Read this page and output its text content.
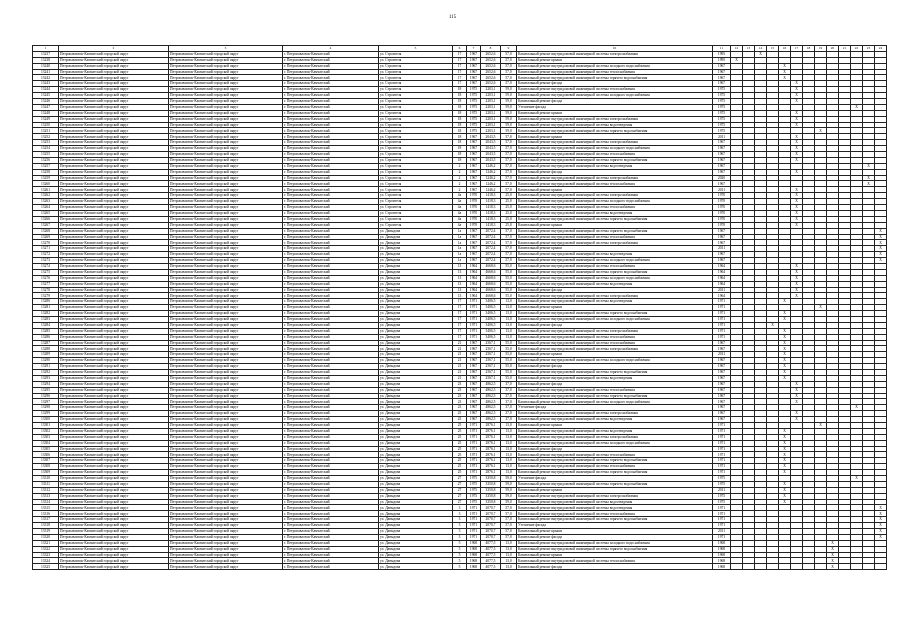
115
1	2	3	4	5	6	7	8	9	10	11	12	13	14	15	16	17	18	19	20	21	22	23	24
13237	Петропавловск-Камчатский городской округ	Петропавловск-Камчатский городской округ	г. Петропавловск-Камчатский	ул. Строителя	17	1967	2652,6	57,0	Капитальный ремонт внутридомовой инженерной системы электроснабжения	1995			X										
13238	Петропавловск-Камчатский городской округ	Петропавловск-Камчатский городской округ	г. Петропавловск-Камчатский	ул. Строителя	17	1967	2652,6	57,0	Капитальный ремонт крыши	1995	X												
13240	Петропавловск-Камчатский городской округ	Петропавловск-Камчатский городской округ	г. Петропавловск-Камчатский	ул. Строителя	17	1967	2652,6	57,0	Капитальный ремонт внутридомовой инженерной системы холодного водоснабжения	1967					X								
13241	Петропавловск-Камчатский городской округ	Петропавловск-Камчатский городской округ	г. Петропавловск-Камчатский	ул. Строителя	17	1967	2652,6	57,0	Капитальный ремонт внутридомовой инженерной системы теплоснабжения	1967					X								
13242	Петропавловск-Камчатский городской округ	Петропавловск-Камчатский городской округ	г. Петропавловск-Камчатский	ул. Строителя	17	1967	2652,6	57,0	Капитальный ремонт внутридомовой инженерной системы горячего водоснабжения	1967					X								
13243	Петропавловск-Камчатский городской округ	Петропавловск-Камчатский городской округ	г. Петропавловск-Камчатский	ул. Строителя	17	1967	2652,6	57,0	Капитальный ремонт фасада	1967						X							
13244	Петропавловск-Камчатский городской округ	Петропавловск-Камчатский городской округ	г. Петропавловск-Камчатский	ул. Строителя	18	1975	2203,1	59,0	Капитальный ремонт внутридомовой инженерной системы теплоснабжения	1975						X							
13245	Петропавловск-Камчатский городской округ	Петропавловск-Камчатский городской округ	г. Петропавловск-Камчатский	ул. Строителя	18	1975	2203,1	59,0	Капитальный ремонт внутридомовой инженерной системы холодного водоснабжения	1975						X							
13246	Петропавловск-Камчатский городской округ	Петропавловск-Камчатский городской округ	г. Петропавловск-Камчатский	ул. Строителя	18	1975	2203,1	59,0	Капитальный ремонт фасада	1975						X							
13247	Петропавловск-Камчатский городской округ	Петропавловск-Камчатский городской округ	г. Петропавловск-Камчатский	ул. Строителя	18	1975	2203,1	59,0	Утепление фасада	1975											X		
13248	Петропавловск-Камчатский городской округ	Петропавловск-Камчатский городской округ	г. Петропавловск-Камчатский	ул. Строителя	18	1975	2203,1	59,0	Капитальный ремонт крыши	1975						X							
13249	Петропавловск-Камчатский городской округ	Петропавловск-Камчатский городской округ	г. Петропавловск-Камчатский	ул. Строителя	18	1975	2203,1	59,0	Капитальный ремонт внутридомовой инженерной системы электроснабжения	1975						X							
13250	Петропавловск-Камчатский городской округ	Петропавловск-Камчатский городской округ	г. Петропавловск-Камчатский	ул. Строителя	18	1975	2203,1	59,0	Капитальный ремонт внутридомовой инженерной системы водоотведения	1975						X							
13251	Петропавловск-Камчатский городской округ	Петропавловск-Камчатский городской округ	г. Петропавловск-Камчатский	ул. Строителя	18	1975	2203,1	59,0	Капитальный ремонт внутридомовой инженерной системы горячего водоснабжения	1975								X					
13252	Петропавловск-Камчатский городской округ	Петропавловск-Камчатский городской округ	г. Петропавловск-Камчатский	ул. Строителя	18	1967	2043,5	57,0	Капитальный ремонт крыши	2011						X							
13253	Петропавловск-Камчатский городской округ	Петропавловск-Камчатский городской округ	г. Петропавловск-Камчатский	ул. Строителя	18	1967	2043,5	57,0	Капитальный ремонт внутридомовой инженерной системы электроснабжения	1967						X							
13254	Петропавловск-Камчатский городской округ	Петропавловск-Камчатский городской округ	г. Петропавловск-Камчатский	ул. Строителя	18	1967	2043,5	57,0	Капитальный ремонт внутридомовой инженерной системы холодного водоснабжения	1967						X							
13255	Петропавловск-Камчатский городской округ	Петропавловск-Камчатский городской округ	г. Петропавловск-Камчатский	ул. Строителя	18	1967	2043,5	57,0	Капитальный ремонт внутридомовой инженерной системы теплоснабжения	1967						X							
13256	Петропавловск-Камчатский городской округ	Петропавловск-Камчатский городской округ	г. Петропавловск-Камчатский	ул. Строителя	18	1967	2043,5	57,0	Капитальный ремонт внутридомовой инженерной системы горячего водоснабжения	1967						X							
13257	Петропавловск-Камчатский городской округ	Петропавловск-Камчатский городской округ	г. Петропавловск-Камчатский	ул. Строителя	2	1967	1246,2	57,0	Капитальный ремонт внутридомовой инженерной системы водоотведения	1967												X	
13258	Петропавловск-Камчатский городской округ	Петропавловск-Камчатский городской округ	г. Петропавловск-Камчатский	ул. Строителя	2	1967	1246,2	57,0	Капитальный ремонт фасада	1967						X							
13259	Петропавловск-Камчатский городской округ	Петропавловск-Камчатский городской округ	г. Петропавловск-Камчатский	ул. Строителя	2	1967	1246,2	57,0	Капитальный ремонт внутридомовой инженерной системы электроснабжения	2020												X	
13260	Петропавловск-Камчатский городской округ	Петропавловск-Камчатский городской округ	г. Петропавловск-Камчатский	ул. Строителя	2	1967	1246,2	57,0	Капитальный ремонт внутридомовой инженерной системы теплоснабжения	1967												X	
13261	Петропавловск-Камчатский городской округ	Петропавловск-Камчатский городской округ	г. Петропавловск-Камчатский	ул. Строителя	2	1967	1246,2	57,0	Капитальный ремонт крыши	2011						X							
13262	Петропавловск-Камчатский городской округ	Петропавловск-Камчатский городской округ	г. Петропавловск-Камчатский	ул. Строителя	4а	1970	1418,3	25,0	Капитальный ремонт внутридомовой инженерной системы электроснабжения	1970						X							
13263	Петропавловск-Камчатский городской округ	Петропавловск-Камчатский городской округ	г. Петропавловск-Камчатский	ул. Строителя	4а	1970	1418,3	25,0	Капитальный ремонт внутридомовой инженерной системы холодного водоснабжения	1970						X							
13264	Петропавловск-Камчатский городской округ	Петропавловск-Камчатский городской округ	г. Петропавловск-Камчатский	ул. Строителя	4а	1970	1418,3	25,0	Капитальный ремонт внутридомовой инженерной системы теплоснабжения	1970						X							
13265	Петропавловск-Камчатский городской округ	Петропавловск-Камчатский городской округ	г. Петропавловск-Камчатский	ул. Строителя	4а	1970	1418,3	25,0	Капитальный ремонт внутридомовой инженерной системы водоотведения	1970						X							
13266	Петропавловск-Камчатский городской округ	Петропавловск-Камчатский городской округ	г. Петропавловск-Камчатский	ул. Строителя	4а	1970	1418,3	25,0	Капитальный ремонт внутридомовой инженерной системы горячего водоснабжения	1970						X							
13267	Петропавловск-Камчатский городской округ	Петропавловск-Камчатский городской округ	г. Петропавловск-Камчатский	ул. Строителя	4а	1970	1418,3	25,0	Капитальный ремонт крыши	1970						X							
13268	Петропавловск-Камчатский городской округ	Петропавловск-Камчатский городской округ	г. Петропавловск-Камчатский	ул. Давыдова	1а	1967	2072,4	57,0	Капитальный ремонт внутридомовой инженерной системы горячего водоснабжения	1967													X
13269	Петропавловск-Камчатский городской округ	Петропавловск-Камчатский городской округ	г. Петропавловск-Камчатский	ул. Давыдова	1а	1967	2072,4	57,0	Капитальный ремонт внутридомовой инженерной системы теплоснабжения	1967													X
13270	Петропавловск-Камчатский городской округ	Петропавловск-Камчатский городской округ	г. Петропавловск-Камчатский	ул. Давыдова	1а	1967	2072,4	57,0	Капитальный ремонт внутридомовой инженерной системы электроснабжения	1967													X
13271	Петропавловск-Камчатский городской округ	Петропавловск-Камчатский городской округ	г. Петропавловск-Камчатский	ул. Давыдова	1а	1967	2072,4	57,0	Капитальный ремонт крыши	2011													X
13272	Петропавловск-Камчатский городской округ	Петропавловск-Камчатский городской округ	г. Петропавловск-Камчатский	ул. Давыдова	1а	1967	2072,4	57,0	Капитальный ремонт внутридомовой инженерной системы водоотведения	1967													X
13273	Петропавловск-Камчатский городской округ	Петропавловск-Камчатский городской округ	г. Петропавловск-Камчатский	ул. Давыдова	1а	1967	2072,4	57,0	Капитальный ремонт внутридомовой инженерной системы холодного водоснабжения	1967													X
13274	Петропавловск-Камчатский городской округ	Петропавловск-Камчатский городской округ	г. Петропавловск-Камчатский	ул. Давыдова	13	1964	4668,6	55,0	Капитальный ремонт внутридомовой инженерной системы теплоснабжения	1964						X							
13275	Петропавловск-Камчатский городской округ	Петропавловск-Камчатский городской округ	г. Петропавловск-Камчатский	ул. Давыдова	13	1964	4668,6	55,0	Капитальный ремонт внутридомовой инженерной системы горячего водоснабжения	1964						X							
13276	Петропавловск-Камчатский городской округ	Петропавловск-Камчатский городской округ	г. Петропавловск-Камчатский	ул. Давыдова	13	1964	4668,6	55,0	Капитальный ремонт внутридомовой инженерной системы холодного водоснабжения	1964						X							
13277	Петропавловск-Камчатский городской округ	Петропавловск-Камчатский городской округ	г. Петропавловск-Камчатский	ул. Давыдова	13	1964	4668,6	55,0	Капитальный ремонт внутридомовой инженерной системы водоотведения	1964						X							
13278	Петропавловск-Камчатский городской округ	Петропавловск-Камчатский городской округ	г. Петропавловск-Камчатский	ул. Давыдова	13	1964	4668,6	55,0	Капитальный ремонт фасада	2011						X							
13279	Петропавловск-Камчатский городской округ	Петропавловск-Камчатский городской округ	г. Петропавловск-Камчатский	ул. Давыдова	13	1964	4668,6	55,0	Капитальный ремонт внутридомовой инженерной системы электроснабжения	1964						X							
13280	Петропавловск-Камчатский городской округ	Петропавловск-Камчатский городской округ	г. Петропавловск-Камчатский	ул. Давыдова	17	1971	3406,5	13,0	Капитальный ремонт внутридомовой инженерной системы водоотведения	1971					X								
13281	Петропавловск-Камчатский городской округ	Петропавловск-Камчатский городской округ	г. Петропавловск-Камчатский	ул. Давыдова	17	1971	3406,5	13,0	Капитальный ремонт крыши	1971								X					
13282	Петропавловск-Камчатский городской округ	Петропавловск-Камчатский городской округ	г. Петропавловск-Камчатский	ул. Давыдова	17	1971	3406,5	13,0	Капитальный ремонт внутридомовой инженерной системы горячего водоснабжения	1971					X								
13283	Петропавловск-Камчатский городской округ	Петропавловск-Камчатский городской округ	г. Петропавловск-Камчатский	ул. Давыдова	17	1971	3406,5	13,0	Капитальный ремонт внутридомовой инженерной системы холодного водоснабжения	1971					X								
13284	Петропавловск-Камчатский городской округ	Петропавловск-Камчатский городской округ	г. Петропавловск-Камчатский	ул. Давыдова	17	1971	3406,5	13,0	Капитальный ремонт фасада	1971				X									
13285	Петропавловск-Камчатский городской округ	Петропавловск-Камчатский городской округ	г. Петропавловск-Камчатский	ул. Давыдова	17	1971	3406,5	13,0	Капитальный ремонт внутридомовой инженерной системы электроснабжения	1971					X								
13286	Петропавловск-Камчатский городской округ	Петропавловск-Камчатский городской округ	г. Петропавловск-Камчатский	ул. Давыдова	17	1971	3406,5	13,0	Капитальный ремонт внутридомовой инженерной системы теплоснабжения	1971					X								
13287	Петропавловск-Камчатский городской округ	Петропавловск-Камчатский городской округ	г. Петропавловск-Камчатский	ул. Давыдова	21	1967	2567,1	55,0	Капитальный ремонт внутридомовой инженерной системы теплоснабжения	1967					X								
13288	Петропавловск-Камчатский городской округ	Петропавловск-Камчатский городской округ	г. Петропавловск-Камчатский	ул. Давыдова	21	1967	2567,1	55,0	Капитальный ремонт внутридомовой инженерной системы электроснабжения	1967					X								
13289	Петропавловск-Камчатский городской округ	Петропавловск-Камчатский городской округ	г. Петропавловск-Камчатский	ул. Давыдова	21	1967	2567,1	55,0	Капитальный ремонт крыши	2011					X								
13290	Петропавловск-Камчатский городской округ	Петропавловск-Камчатский городской округ	г. Петропавловск-Камчатский	ул. Давыдова	21	1967	2567,1	55,0	Капитальный ремонт внутридомовой инженерной системы холодного водоснабжения	1967					X								
13291	Петропавловск-Камчатский городской округ	Петропавловск-Камчатский городской округ	г. Петропавловск-Камчатский	ул. Давыдова	21	1967	2567,1	55,0	Капитальный ремонт фасада	1967					X								
13292	Петропавловск-Камчатский городской округ	Петропавловск-Камчатский городской округ	г. Петропавловск-Камчатский	ул. Давыдова	21	1967	2567,1	55,0	Капитальный ремонт внутридомовой инженерной системы горячего водоснабжения	1967					X								
13293	Петропавловск-Камчатский городской округ	Петропавловск-Камчатский городской округ	г. Петропавловск-Камчатский	ул. Давыдова	21	1967	2567,1	55,0	Капитальный ремонт внутридомовой инженерной системы водоотведения	1967					X								
13294	Петропавловск-Камчатский городской округ	Петропавловск-Камчатский городской округ	г. Петропавловск-Камчатский	ул. Давыдова	23	1967	4862,5	37,0	Капитальный ремонт фасада	1967						X							
13295	Петропавловск-Камчатский городской округ	Петропавловск-Камчатский городской округ	г. Петропавловск-Камчатский	ул. Давыдова	23	1967	4862,5	37,0	Капитальный ремонт внутридомовой инженерной системы теплоснабжения	1967						X							
13296	Петропавловск-Камчатский городской округ	Петропавловск-Камчатский городской округ	г. Петропавловск-Камчатский	ул. Давыдова	23	1967	4862,5	37,0	Капитальный ремонт внутридомовой инженерной системы горячего водоснабжения	1967						X							
13297	Петропавловск-Камчатский городской округ	Петропавловск-Камчатский городской округ	г. Петропавловск-Камчатский	ул. Давыдова	23	1967	4862,5	37,0	Капитальный ремонт внутридомовой инженерной системы холодного водоснабжения	1967						X							
13298	Петропавловск-Камчатский городской округ	Петропавловск-Камчатский городской округ	г. Петропавловск-Камчатский	ул. Давыдова	23	1967	4862,5	37,0	Утепление фасада	1967											X		
13299	Петропавловск-Камчатский городской округ	Петропавловск-Камчатский городской округ	г. Петропавловск-Камчатский	ул. Давыдова	23	1967	4862,5	37,0	Капитальный ремонт внутридомовой инженерной системы электроснабжения	1967						X							
13300	Петропавловск-Камчатский городской округ	Петропавловск-Камчатский городской округ	г. Петропавловск-Камчатский	ул. Давыдова	23	1967	4862,5	37,0	Капитальный ремонт внутридомовой инженерной системы водоотведения	1967						X							
13301	Петропавловск-Камчатский городской округ	Петропавловск-Камчатский городской округ	г. Петропавловск-Камчатский	ул. Давыдова	25	1971	2876,1	13,0	Капитальный ремонт крыши	1971								X					
13302	Петропавловск-Камчатский городской округ	Петропавловск-Камчатский городской округ	г. Петропавловск-Камчатский	ул. Давыдова	25	1971	2876,1	13,0	Капитальный ремонт внутридомовой инженерной системы водоотведения	1971					X								
13303	Петропавловск-Камчатский городской округ	Петропавловск-Камчатский городской округ	г. Петропавловск-Камчатский	ул. Давыдова	25	1971	2876,1	13,0	Капитальный ремонт внутридомовой инженерной системы электроснабжения	1971					X								
13304	Петропавловск-Камчатский городской округ	Петропавловск-Камчатский городской округ	г. Петропавловск-Камчатский	ул. Давыдова	25	1971	2876,1	13,0	Капитальный ремонт внутридомовой инженерной системы холодного водоснабжения	1971					X								
13305	Петропавловск-Камчатский городской округ	Петропавловск-Камчатский городской округ	г. Петропавловск-Камчатский	ул. Давыдова	25	1971	2876,1	13,0	Капитальный ремонт фасада	1971					X								
13306	Петропавловск-Камчатский городской округ	Петропавловск-Камчатский городской округ	г. Петропавловск-Камчатский	ул. Давыдова	25	1971	2876,1	13,0	Капитальный ремонт внутридомовой инженерной системы теплоснабжения	1971					X								
13307	Петропавловск-Камчатский городской округ	Петропавловск-Камчатский городской округ	г. Петропавловск-Камчатский	ул. Давыдова	25	1971	2876,1	13,0	Капитальный ремонт внутридомовой инженерной системы горячего водоснабжения	1971					X								
13308	Петропавловск-Камчатский городской округ	Петропавловск-Камчатский городской округ	г. Петропавловск-Камчатский	ул. Давыдова	25	1971	2876,1	13,0	Капитальный ремонт внутридомовой инженерной системы теплоснабжения	1971					X								
13309	Петропавловск-Камчатский городской округ	Петропавловск-Камчатский городской округ	г. Петропавловск-Камчатский	ул. Давыдова	25	1971	2876,1	13,0	Капитальный ремонт внутридомовой инженерной системы горячего водоснабжения	1971					X								
13310	Петропавловск-Камчатский городской округ	Петропавловск-Камчатский городской округ	г. Петропавловск-Камчатский	ул. Давыдова	27	1975	3350,8	59,0	Утепление фасада	1975											X		
13311	Петропавловск-Камчатский городской округ	Петропавловск-Камчатский городской округ	г. Петропавловск-Камчатский	ул. Давыдова	27	1975	3350,8	59,0	Капитальный ремонт внутридомовой инженерной системы горячего водоснабжения	1975					X								
13312	Петропавловск-Камчатский городской округ	Петропавловск-Камчатский городской округ	г. Петропавловск-Камчатский	ул. Давыдова	27	1975	3350,8	59,0	Капитальный ремонт крыши	2011					X								
13313	Петропавловск-Камчатский городской округ	Петропавловск-Камчатский городской округ	г. Петропавловск-Камчатский	ул. Давыдова	27	1975	3350,8	59,0	Капитальный ремонт внутридомовой инженерной системы электроснабжения	1975					X								
13314	Петропавловск-Камчатский городской округ	Петропавловск-Камчатский городской округ	г. Петропавловск-Камчатский	ул. Давыдова	27	1975	3350,8	59,0	Капитальный ремонт внутридомовой инженерной системы водоотведения	1975					X								
13315	Петропавловск-Камчатский городской округ	Петропавловск-Камчатский городской округ	г. Петропавловск-Камчатский	ул. Давыдова	3	1971	2070,7	57,0	Капитальный ремонт внутридомовой инженерной системы водоотведения	1971													X
13316	Петропавловск-Камчатский городской округ	Петропавловск-Камчатский городской округ	г. Петропавловск-Камчатский	ул. Давыдова	3	1971	2070,7	57,0	Капитальный ремонт внутридомовой инженерной системы теплоснабжения	1971													X
13317	Петропавловск-Камчатский городской округ	Петропавловск-Камчатский городской округ	г. Петропавловск-Камчатский	ул. Давыдова	3	1971	2070,7	57,0	Капитальный ремонт внутридомовой инженерной системы горячего водоснабжения	1971													X
13318	Петропавловск-Камчатский городской округ	Петропавловск-Камчатский городской округ	г. Петропавловск-Камчатский	ул. Давыдова	3	1971	2070,7	57,0	Утепление фасада	1971													X
13319	Петропавловск-Камчатский городской округ	Петропавловск-Камчатский городской округ	г. Петропавловск-Камчатский	ул. Давыдова	3	1971	2070,7	57,0	Капитальный ремонт крыши	2011													X
13320	Петропавловск-Камчатский городской округ	Петропавловск-Камчатский городской округ	г. Петропавловск-Камчатский	ул. Давыдова	3	1971	2070,7	57,0	Капитальный ремонт фасада	1971													X
13321	Петропавловск-Камчатский городской округ	Петропавловск-Камчатский городской округ	г. Петропавловск-Камчатский	ул. Давыдова	5	1968	4077,5	13,0	Капитальный ремонт внутридомовой инженерной системы холодного водоснабжения	1968									X				
13322	Петропавловск-Камчатский городской округ	Петропавловск-Камчатский городской округ	г. Петропавловск-Камчатский	ул. Давыдова	5	1968	4077,5	13,0	Капитальный ремонт внутридомовой инженерной системы горячего водоснабжения	1968									X				
13323	Петропавловск-Камчатский городской округ	Петропавловск-Камчатский городской округ	г. Петропавловск-Камчатский	ул. Давыдова	5	1968	4077,5	13,0	Капитальный ремонт крыши	1968									X				
13324	Петропавловск-Камчатский городской округ	Петропавловск-Камчатский городской округ	г. Петропавловск-Камчатский	ул. Давыдова	5	1968	4077,5	13,0	Капитальный ремонт внутридомовой инженерной системы теплоснабжения	1968									X				
13325	Петропавловск-Камчатский городской округ	Петропавловск-Камчатский городской округ	г. Петропавловск-Камчатский	ул. Давыдова	5	1968	4077,5	13,0	Капитальный ремонт фасада	1968									X				
